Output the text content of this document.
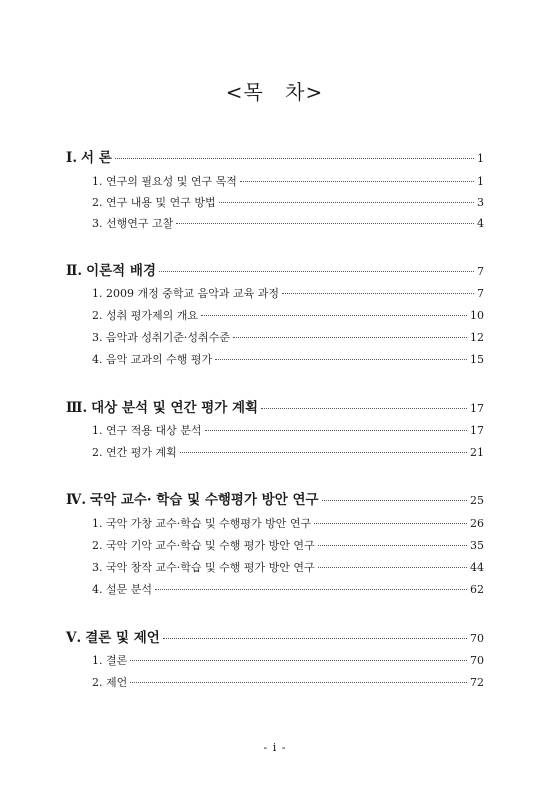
<목 차>
Ⅰ. 서 론	1
1. 연구의 필요성 및 연구 목적	1
2. 연구 내용 및 연구 방법	3
3. 선행연구 고찰	4
Ⅱ. 이론적 배경	7
1. 2009 개정 중학교 음악과 교육 과정	7
2. 성취 평가제의 개요	10
3. 음악과 성취기준·성취수준	12
4. 음악 교과의 수행 평가	15
Ⅲ. 대상 분석 및 연간 평가 계획	17
1. 연구 적용 대상 분석	17
2. 연간 평가 계획	21
Ⅳ. 국악 교수· 학습 및 수행평가 방안 연구	25
1. 국악 가창 교수·학습 및 수행평가 방안 연구	26
2. 국악 기악 교수·학습 및 수행 평가 방안 연구	35
3. 국악 창작 교수·학습 및 수행 평가 방안 연구	44
4. 설문 분석	62
Ⅴ. 결론 및 제언	70
1. 결론	70
2. 제언	72
- i -
